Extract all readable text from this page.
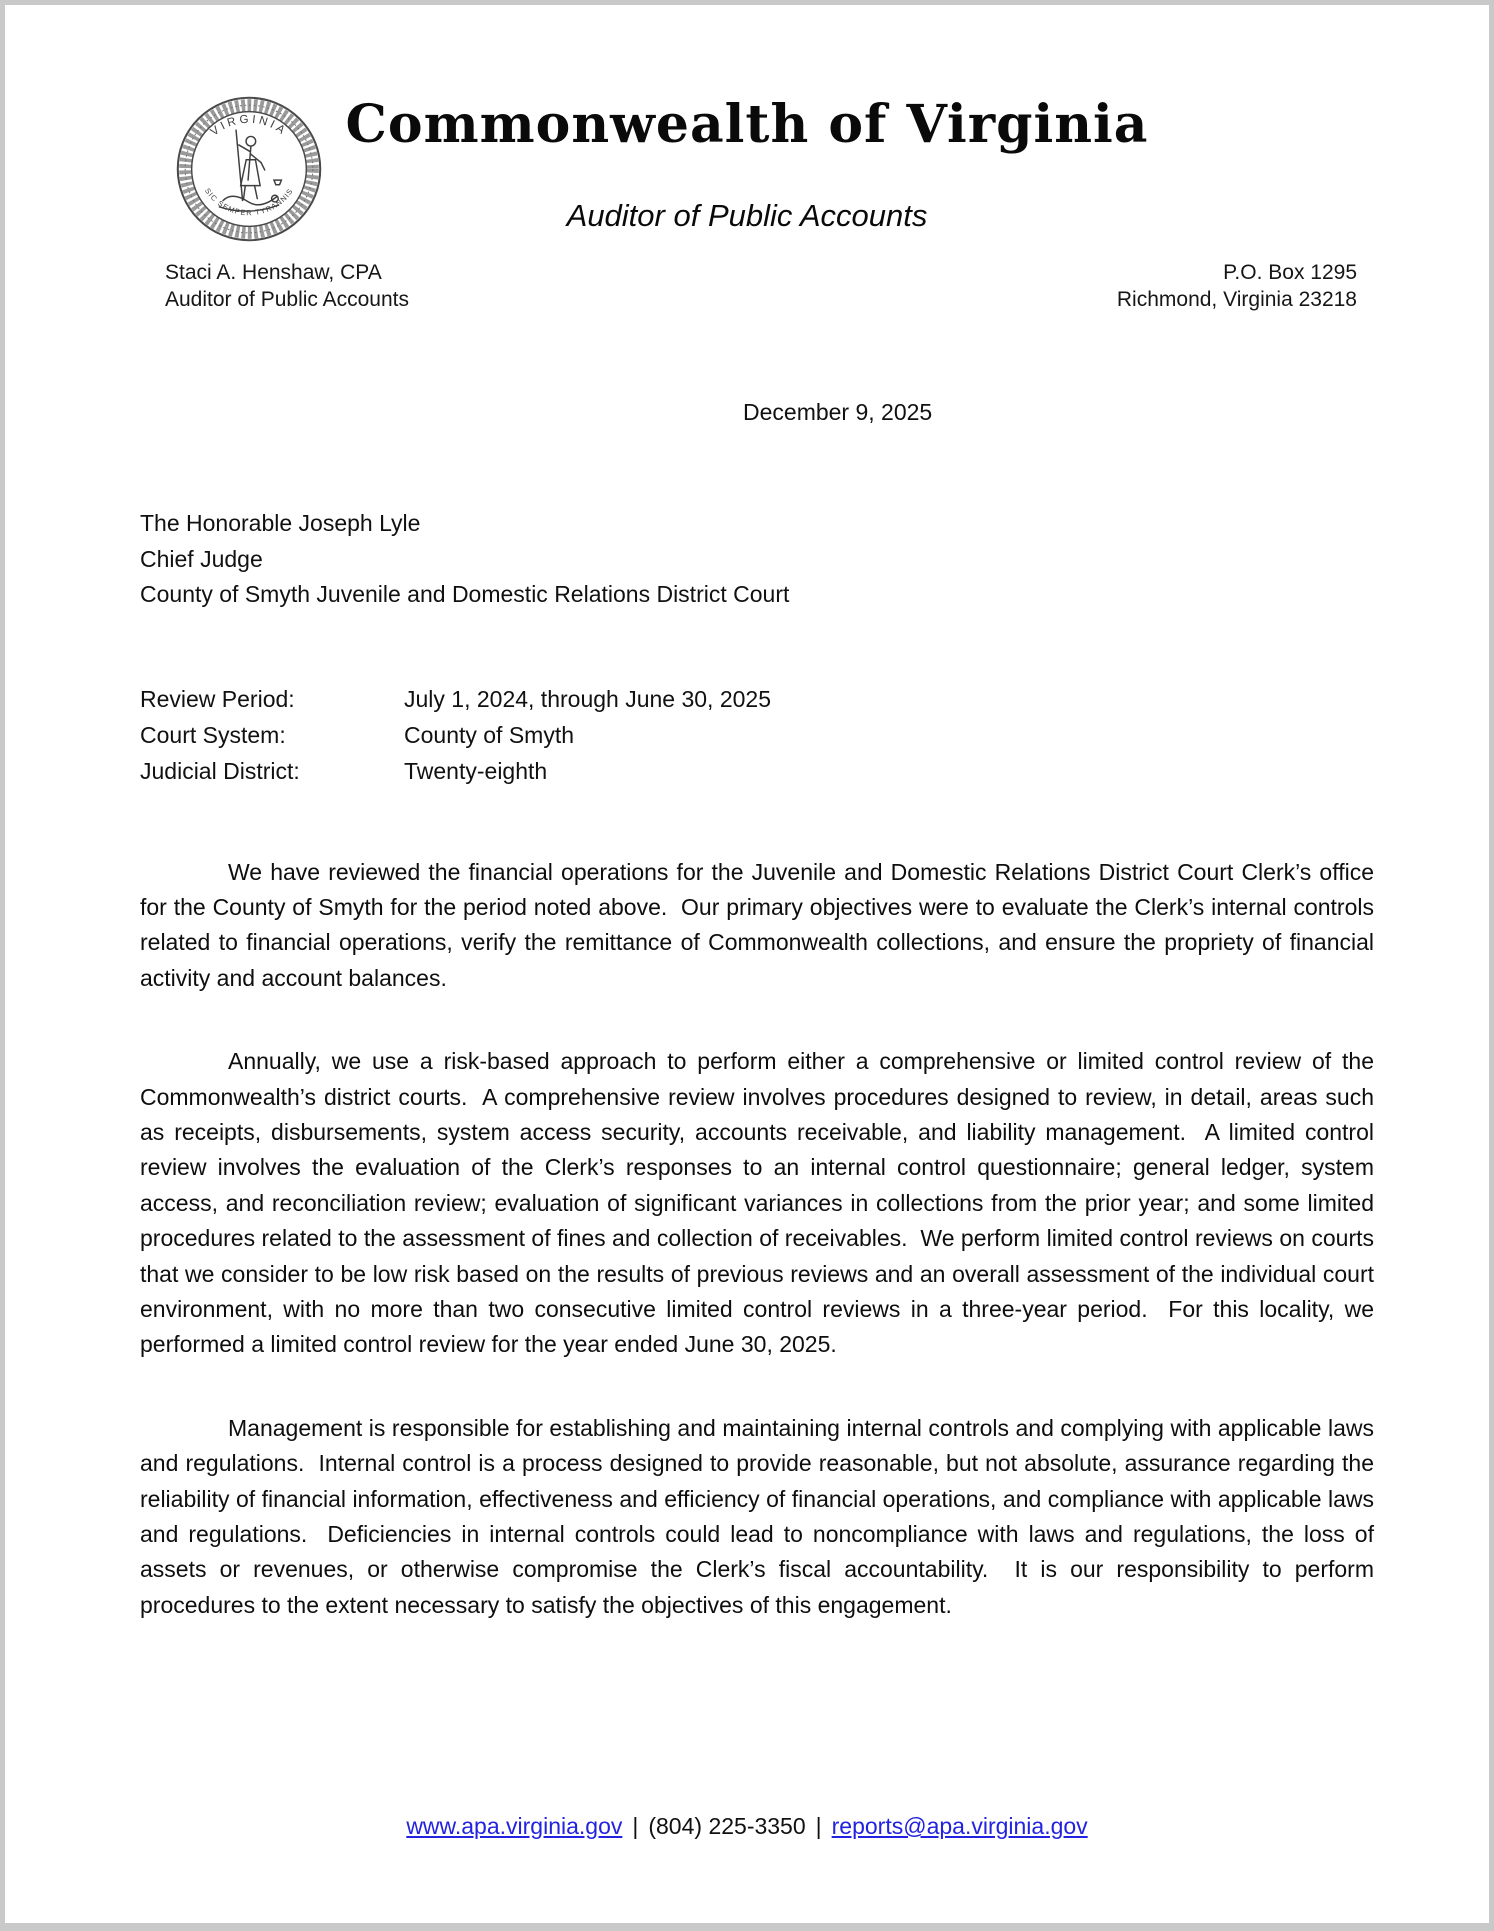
VIRGINIA
SIC SEMPER TYRANNIS
Commonwealth of Virginia
Auditor of Public Accounts
Staci A. Henshaw, CPA
Auditor of Public Accounts
P.O. Box 1295
Richmond, Virginia 23218
December 9, 2025
The Honorable Joseph Lyle
Chief Judge
County of Smyth Juvenile and Domestic Relations District Court
Review Period:	July 1, 2024, through June 30, 2025
Court System:	County of Smyth
Judicial District:	Twenty-eighth

We have reviewed the financial operations for the Juvenile and Domestic Relations District Court Clerk’s office for the County of Smyth for the period noted above.  Our primary objectives were to evaluate the Clerk’s internal controls related to financial operations, verify the remittance of Commonwealth collections, and ensure the propriety of financial activity and account balances.

Annually, we use a risk-based approach to perform either a comprehensive or limited control review of the Commonwealth’s district courts.  A comprehensive review involves procedures designed to review, in detail, areas such as receipts, disbursements, system access security, accounts receivable, and liability management.  A limited control review involves the evaluation of the Clerk’s responses to an internal control questionnaire; general ledger, system access, and reconciliation review; evaluation of significant variances in collections from the prior year; and some limited procedures related to the assessment of fines and collection of receivables.  We perform limited control reviews on courts that we consider to be low risk based on the results of previous reviews and an overall assessment of the individual court environment, with no more than two consecutive limited control reviews in a three-year period.  For this locality, we performed a limited control review for the year ended June 30, 2025.

Management is responsible for establishing and maintaining internal controls and complying with applicable laws and regulations.  Internal control is a process designed to provide reasonable, but not absolute, assurance regarding the reliability of financial information, effectiveness and efficiency of financial operations, and compliance with applicable laws and regulations.  Deficiencies in internal controls could lead to noncompliance with laws and regulations, the loss of assets or revenues, or otherwise compromise the Clerk’s fiscal accountability.  It is our responsibility to perform procedures to the extent necessary to satisfy the objectives of this engagement.

www.apa.virginia.gov | (804) 225-3350 | reports@apa.virginia.gov
